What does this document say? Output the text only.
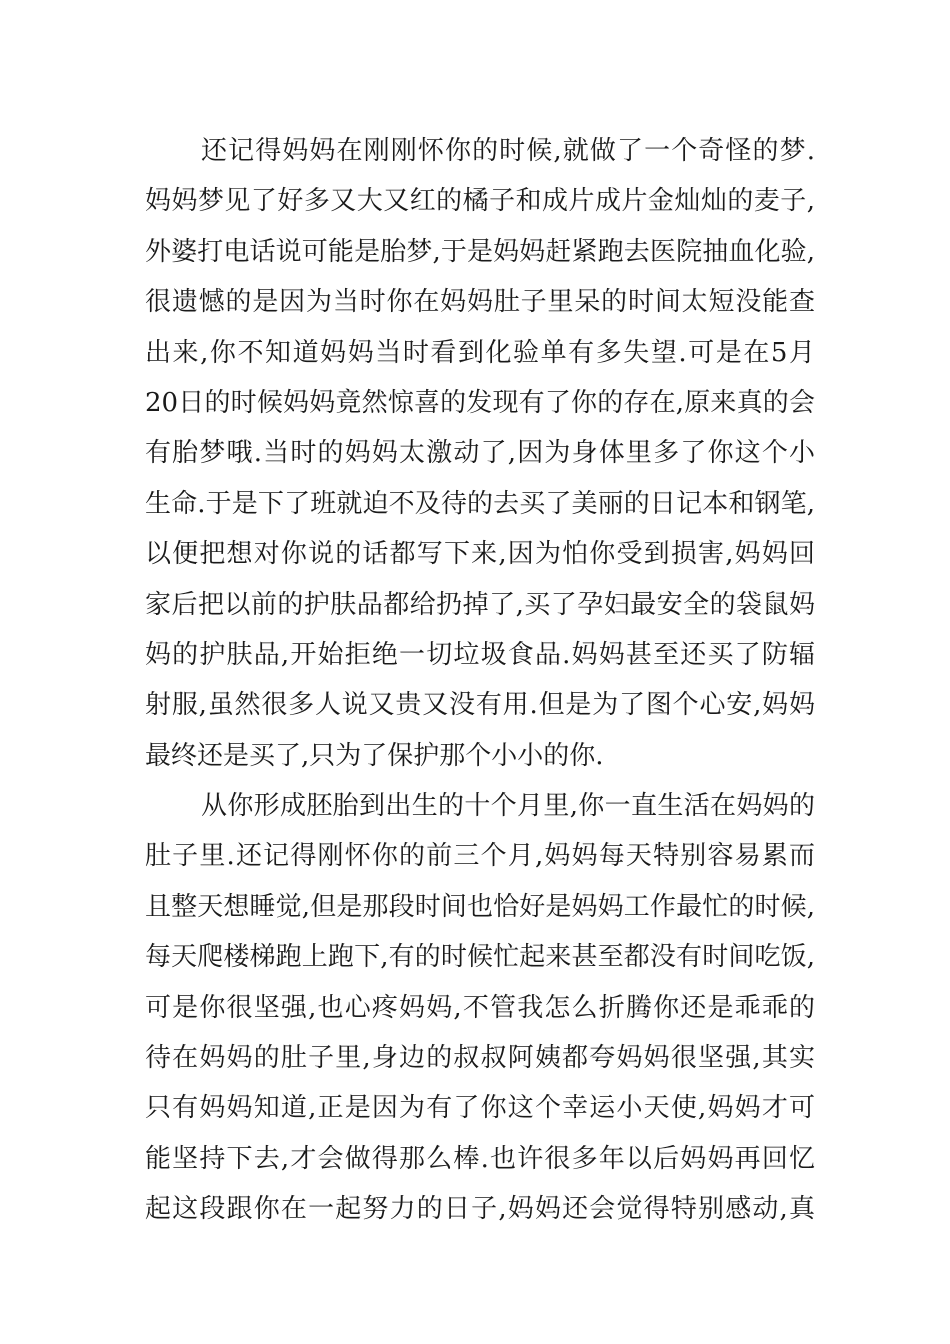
还记得妈妈在刚刚怀你的时候,就做了一个奇怪的梦.
妈妈梦见了好多又大又红的橘子和成片成片金灿灿的麦子,
外婆打电话说可能是胎梦,于是妈妈赶紧跑去医院抽血化验,
很遗憾的是因为当时你在妈妈肚子里呆的时间太短没能查
出来,你不知道妈妈当时看到化验单有多失望.可是在5月
20日的时候妈妈竟然惊喜的发现有了你的存在,原来真的会
有胎梦哦.当时的妈妈太激动了,因为身体里多了你这个小
生命.于是下了班就迫不及待的去买了美丽的日记本和钢笔,
以便把想对你说的话都写下来,因为怕你受到损害,妈妈回
家后把以前的护肤品都给扔掉了,买了孕妇最安全的袋鼠妈
妈的护肤品,开始拒绝一切垃圾食品.妈妈甚至还买了防辐
射服,虽然很多人说又贵又没有用.但是为了图个心安,妈妈
最终还是买了,只为了保护那个小小的你.
从你形成胚胎到出生的十个月里,你一直生活在妈妈的
肚子里.还记得刚怀你的前三个月,妈妈每天特别容易累而
且整天想睡觉,但是那段时间也恰好是妈妈工作最忙的时候,
每天爬楼梯跑上跑下,有的时候忙起来甚至都没有时间吃饭,
可是你很坚强,也心疼妈妈,不管我怎么折腾你还是乖乖的
待在妈妈的肚子里,身边的叔叔阿姨都夸妈妈很坚强,其实
只有妈妈知道,正是因为有了你这个幸运小天使,妈妈才可
能坚持下去,才会做得那么棒.也许很多年以后妈妈再回忆
起这段跟你在一起努力的日子,妈妈还会觉得特别感动,真
